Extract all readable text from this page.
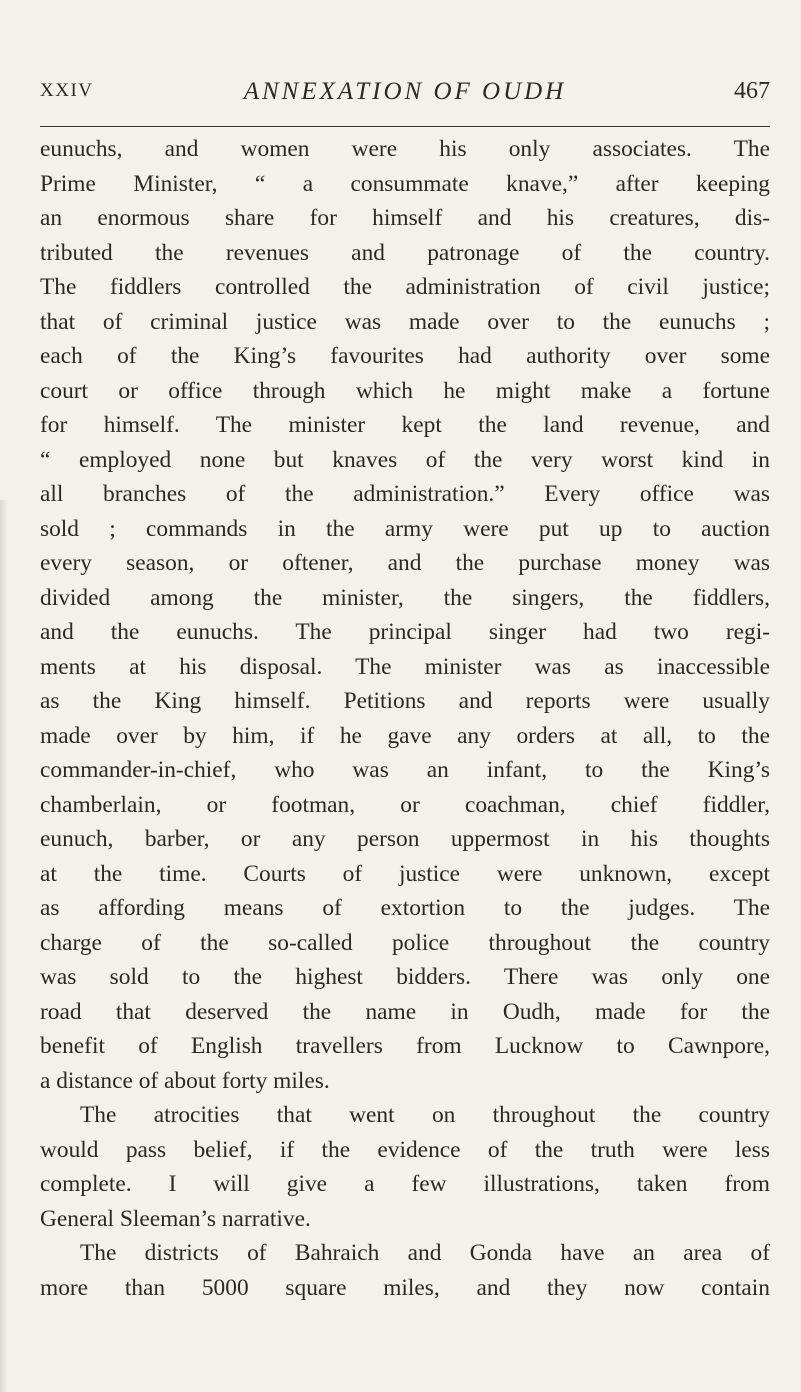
XXIV	ANNEXATION OF OUDH	467
eunuchs, and women were his only associates. The
Prime Minister, “ a consummate knave,” after keeping
an enormous share for himself and his creatures, dis-
tributed the revenues and patronage of the country.
The fiddlers controlled the administration of civil justice;
that of criminal justice was made over to the eunuchs ;
each of the King’s favourites had authority over some
court or office through which he might make a fortune
for himself. The minister kept the land revenue, and
“ employed none but knaves of the very worst kind in
all branches of the administration.” Every office was
sold ; commands in the army were put up to auction
every season, or oftener, and the purchase money was
divided among the minister, the singers, the fiddlers,
and the eunuchs. The principal singer had two regi-
ments at his disposal. The minister was as inaccessible
as the King himself. Petitions and reports were usually
made over by him, if he gave any orders at all, to the
commander-in-chief, who was an infant, to the King’s
chamberlain, or footman, or coachman, chief fiddler,
eunuch, barber, or any person uppermost in his thoughts
at the time. Courts of justice were unknown, except
as affording means of extortion to the judges. The
charge of the so-called police throughout the country
was sold to the highest bidders. There was only one
road that deserved the name in Oudh, made for the
benefit of English travellers from Lucknow to Cawnpore,
a distance of about forty miles.
The atrocities that went on throughout the country
would pass belief, if the evidence of the truth were less
complete. I will give a few illustrations, taken from
General Sleeman’s narrative.
The districts of Bahraich and Gonda have an area of
more than 5000 square miles, and they now contain
